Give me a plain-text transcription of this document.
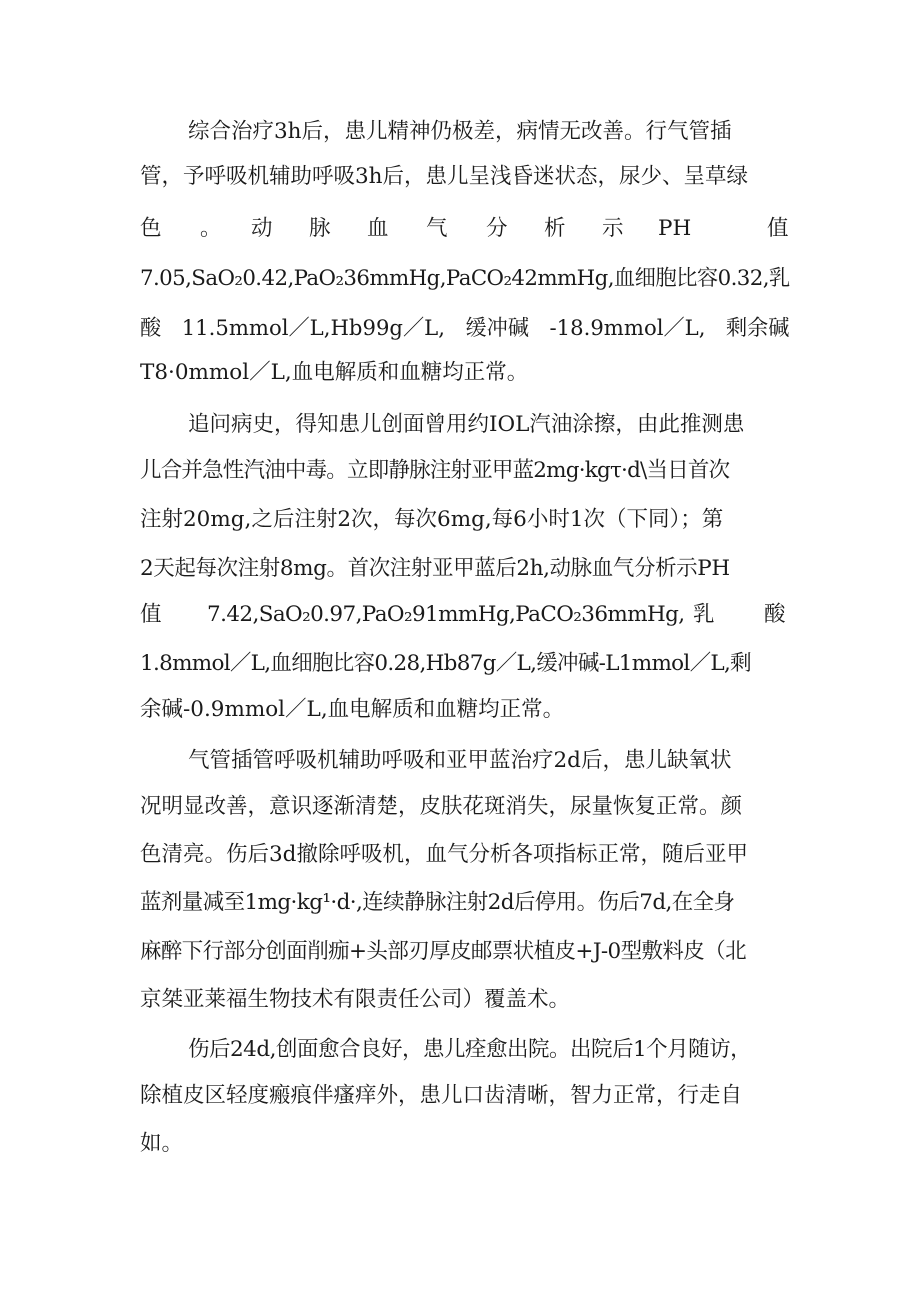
综合治疗3h后，患儿精神仍极差，病情无改善。行气管插
管，予呼吸机辅助呼吸3h后，患儿呈浅昏迷状态，尿少、呈草绿
色 。 动 脉 血 气 分 析 示 PH	值
7.05,SaO₂0.42,PaO₂36mmHg,PaCO₂42mmHg,血细胞比容0.32,乳
酸 11.5mmol／L,Hb99g／L, 缓冲碱 -18.9mmol／L, 剩余碱
T8·0mmol／L,血电解质和血糖均正常。
追问病史，得知患儿创面曾用约IOL汽油涂擦，由此推测患
儿合并急性汽油中毒。立即静脉注射亚甲蓝2mg·kgτ·d\当日首次
注射20mg,之后注射2次，每次6mg,每6小时1次（下同）；第
2天起每次注射8mg。首次注射亚甲蓝后2h,动脉血气分析示PH
值 7.42,SaO₂0.97,PaO₂91mmHg,PaCO₂36mmHg, 乳 酸
1.8mmol／L,血细胞比容0.28,Hb87g／L,缓冲碱-L1mmol／L,剩
余碱-0.9mmol／L,血电解质和血糖均正常。
气管插管呼吸机辅助呼吸和亚甲蓝治疗2d后，患儿缺氧状
况明显改善，意识逐渐清楚，皮肤花斑消失，尿量恢复正常。颜
色清亮。伤后3d撤除呼吸机，血气分析各项指标正常，随后亚甲
蓝剂量减至1mg·kg¹·d·,连续静脉注射2d后停用。伤后7d,在全身
麻醉下行部分创面削痂+头部刃厚皮邮票状植皮+J-0型敷料皮（北
京桀亚莱福生物技术有限责任公司）覆盖术。
伤后24d,创面愈合良好，患儿痊愈出院。出院后1个月随访，
除植皮区轻度瘢痕伴瘙痒外，患儿口齿清晰，智力正常，行走自
如。
